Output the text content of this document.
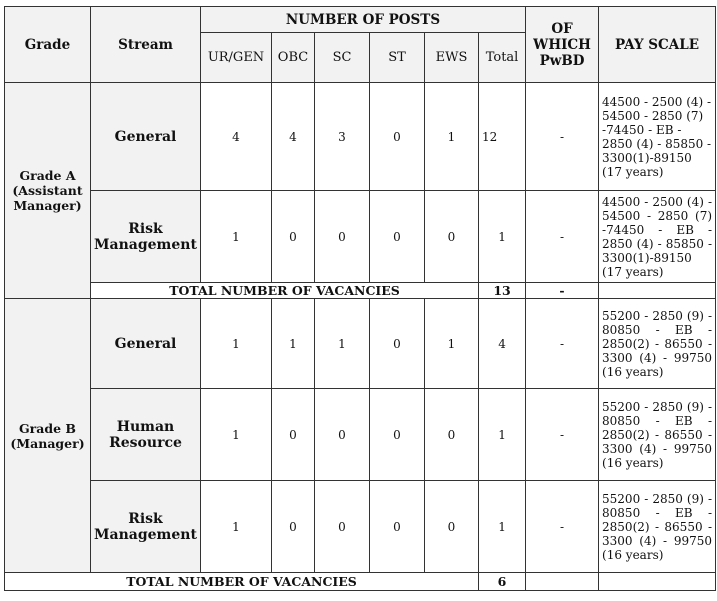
Grade	Stream	NUMBER OF POSTS						OF WHICH PwBD	PAY SCALE
		UR/GEN	OBC	SC	ST	EWS	Total		
Grade A (Assistant Manager)	General	4	4	3	0	1	12	-	44500 - 2500 (4) - 54500 - 2850 (7) -74450 - EB - 2850 (4) - 85850 - 3300(1)-89150 (17 years)
	Risk Management	1	0	0	0	0	1	-	44500 - 2500 (4) - 54500 - 2850 (7) -74450 - EB - 2850 (4) - 85850 - 3300(1)-89150 (17 years)
	TOTAL NUMBER OF VACANCIES						13	-	
Grade B (Manager)	General	1	1	1	0	1	4	-	55200 - 2850 (9) - 80850 - EB - 2850(2) - 86550 - 3300 (4) - 99750 (16 years)
	Human Resource	1	0	0	0	0	1	-	55200 - 2850 (9) - 80850 - EB - 2850(2) - 86550 - 3300 (4) - 99750 (16 years)
	Risk Management	1	0	0	0	0	1	-	55200 - 2850 (9) - 80850 - EB - 2850(2) - 86550 - 3300 (4) - 99750 (16 years)
TOTAL NUMBER OF VACANCIES							6		
